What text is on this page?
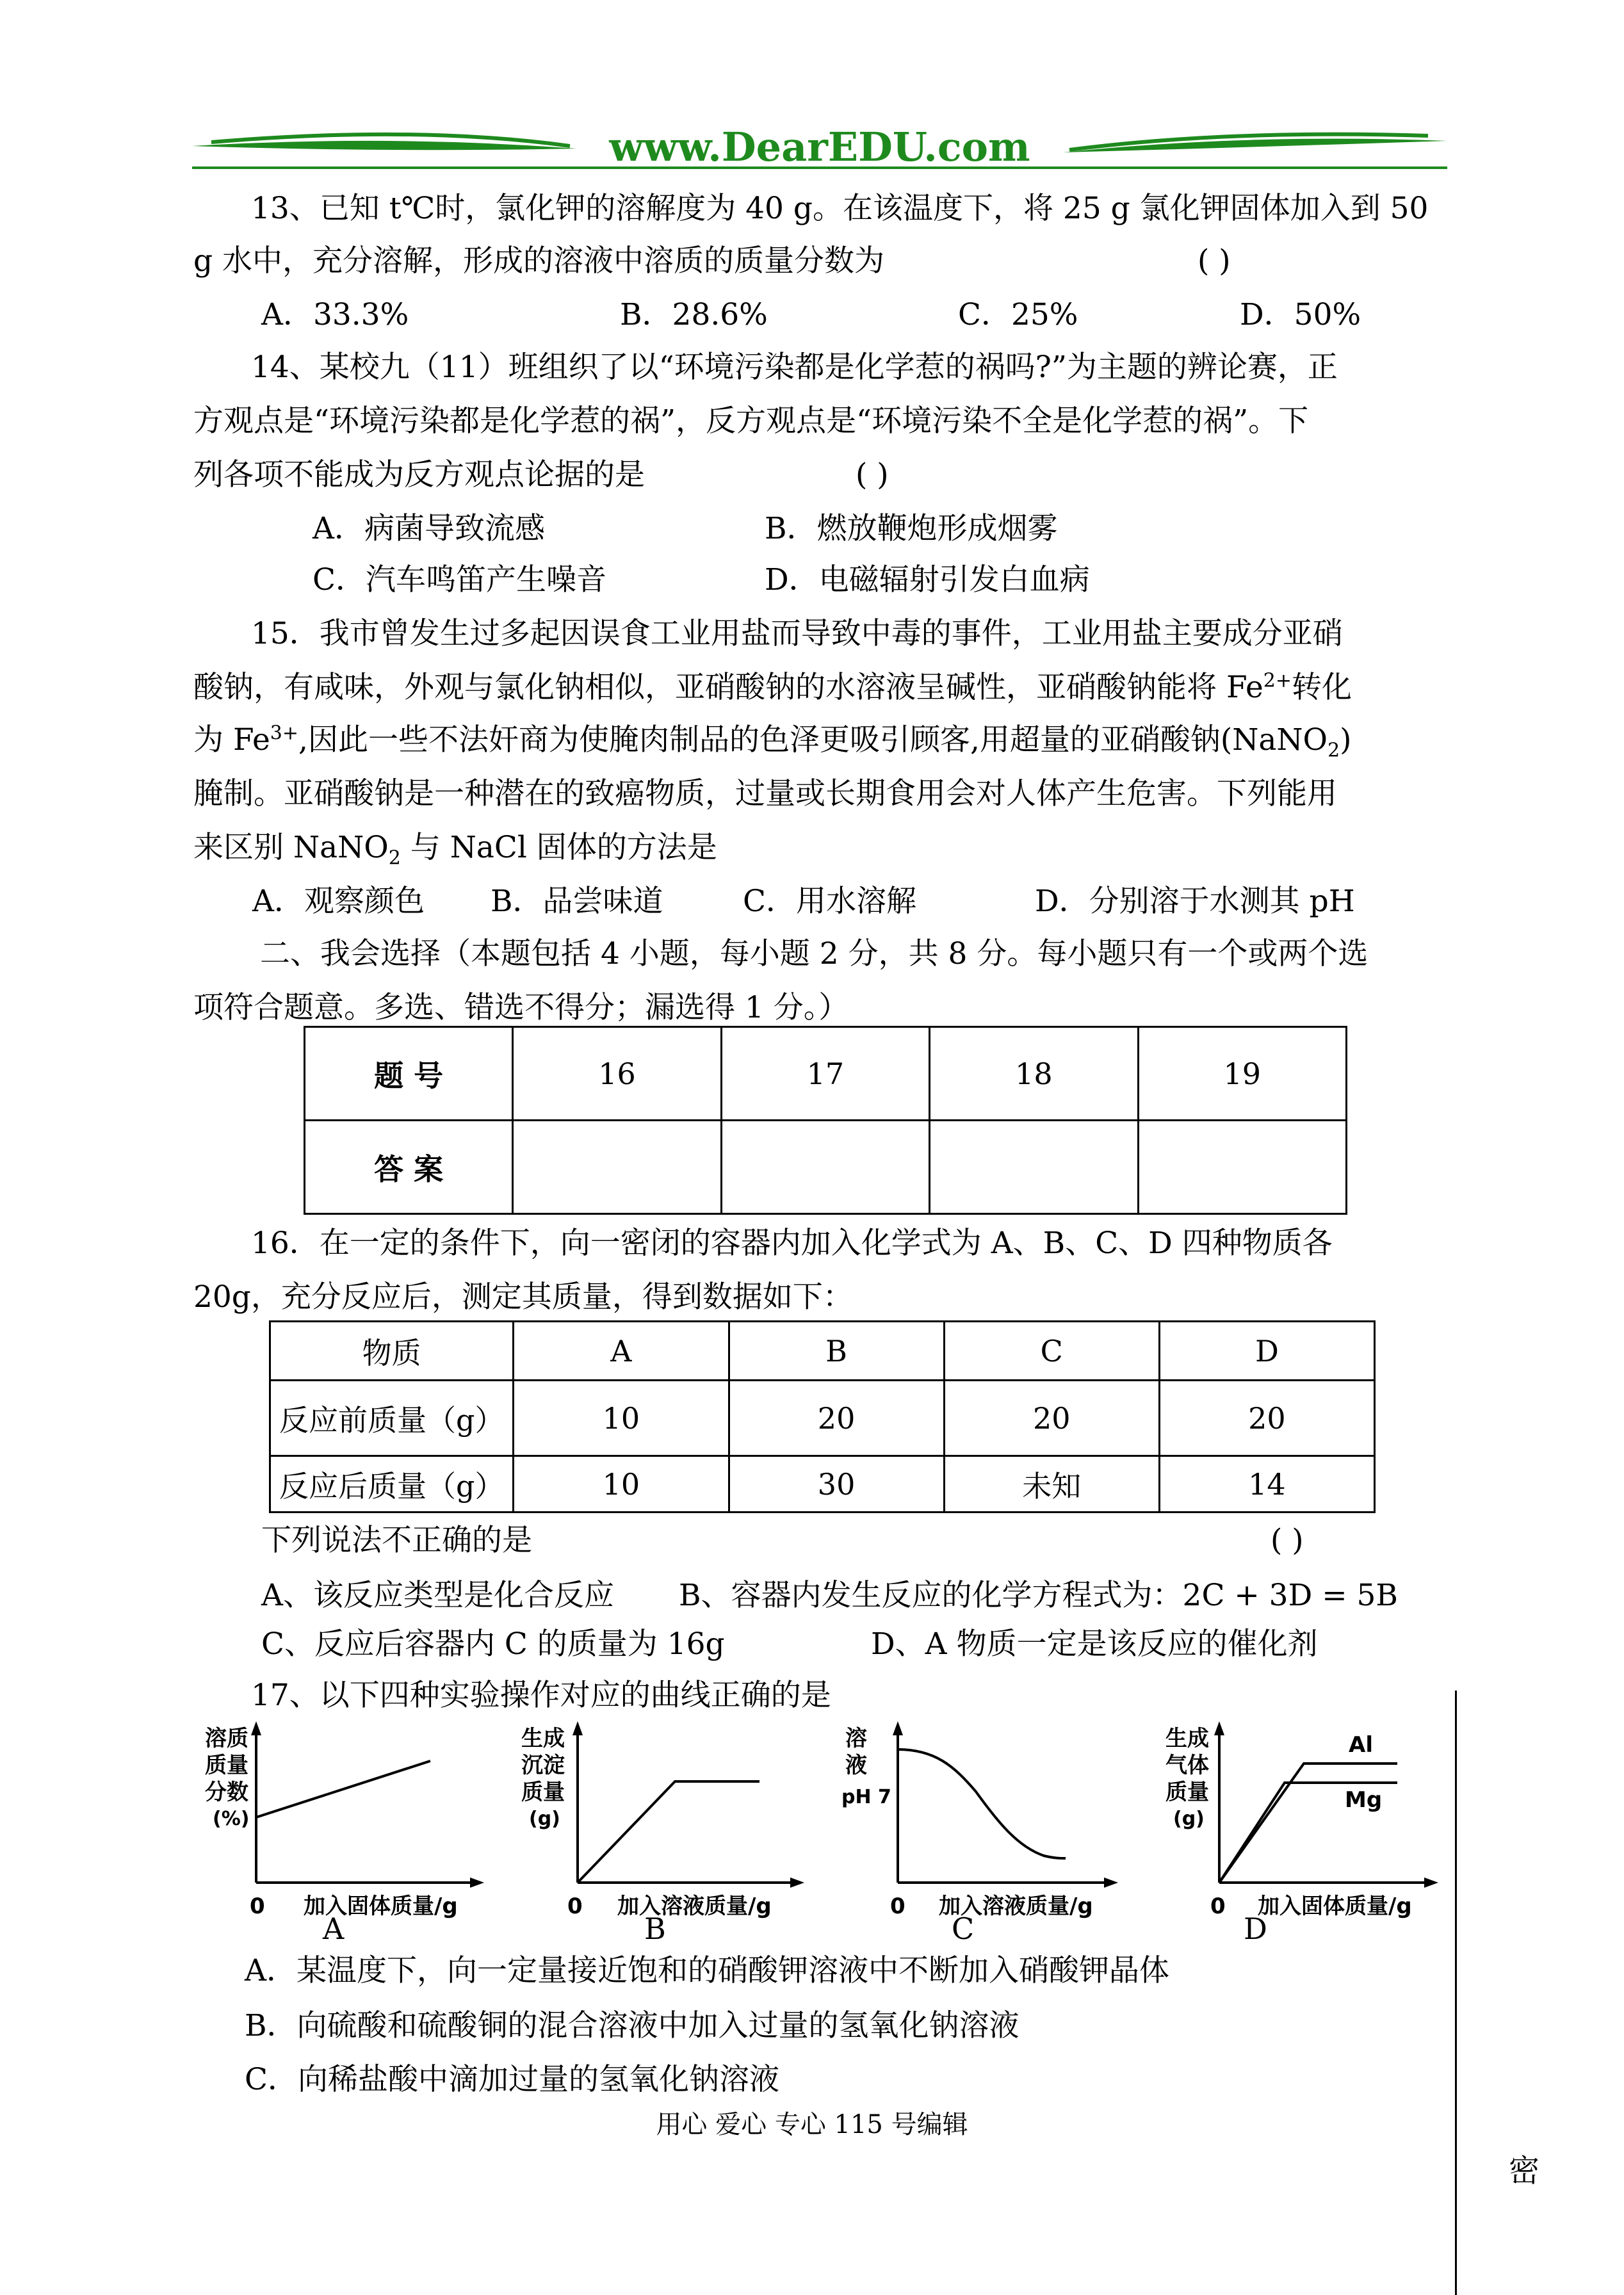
www.DearEDU.com
13、已知 t℃时，氯化钾的溶解度为 40 g。在该温度下，将 25 g 氯化钾固体加入到 50
g 水中，充分溶解，形成的溶液中溶质的质量分数为	( )
A．33.3%	B．28.6%	C．25%	D．50%
14、某校九（11）班组织了以“环境污染都是化学惹的祸吗?”为主题的辨论赛，正
方观点是“环境污染都是化学惹的祸”，反方观点是“环境污染不全是化学惹的祸”。下
列各项不能成为反方观点论据的是	( )
A．病菌导致流感	B．燃放鞭炮形成烟雾
C．汽车鸣笛产生噪音	D．电磁辐射引发白血病
15．我市曾发生过多起因误食工业用盐而导致中毒的事件，工业用盐主要成分亚硝
酸钠，有咸味，外观与氯化钠相似，亚硝酸钠的水溶液呈碱性，亚硝酸钠能将 $Fe^{2+}$转化
为 $Fe^{3+}$,因此一些不法奸商为使腌肉制品的色泽更吸引顾客,用超量的亚硝酸钠(NaNO$_2$)
腌制。亚硝酸钠是一种潜在的致癌物质，过量或长期食用会对人体产生危害。下列能用
来区别 NaNO$_2$ 与 NaCl 固体的方法是
A．观察颜色 B．品尝味道	C．用水溶解	D．分别溶于水测其 pH
二、我会选择（本题包括 4 小题，每小题 2 分，共 8 分。每小题只有一个或两个选
项符合题意。多选、错选不得分；漏选得 1 分。）
题 号	16	17	18	19
答 案				
16．在一定的条件下，向一密闭的容器内加入化学式为 A、B、C、D 四种物质各
20g，充分反应后，测定其质量，得到数据如下：
物质	A	B	C	D
反应前质量（g）	10	20	20	20
反应后质量（g）	10	30	未知	14
下列说法不正确的是	( )
A、该反应类型是化合反应 B、容器内发生反应的化学方程式为：2C + 3D = 5B
C、反应后容器内 C 的质量为 16g	D、A 物质一定是该反应的催化剂
17、以下四种实验操作对应的曲线正确的是
溶质
质量
分数
(%)
0 加入固体质量/g
A
生成
沉淀
质量
(g)
0 加入溶液质量/g
B
溶
液
pH 7
0 加入溶液质量/g
C
生成
气体
质量
(g)
Al
Mg
0 加入固体质量/g
D
A．某温度下，向一定量接近饱和的硝酸钾溶液中不断加入硝酸钾晶体
B．向硫酸和硫酸铜的混合溶液中加入过量的氢氧化钠溶液
C．向稀盐酸中滴加过量的氢氧化钠溶液
用心 爱心 专心 115 号编辑
密
